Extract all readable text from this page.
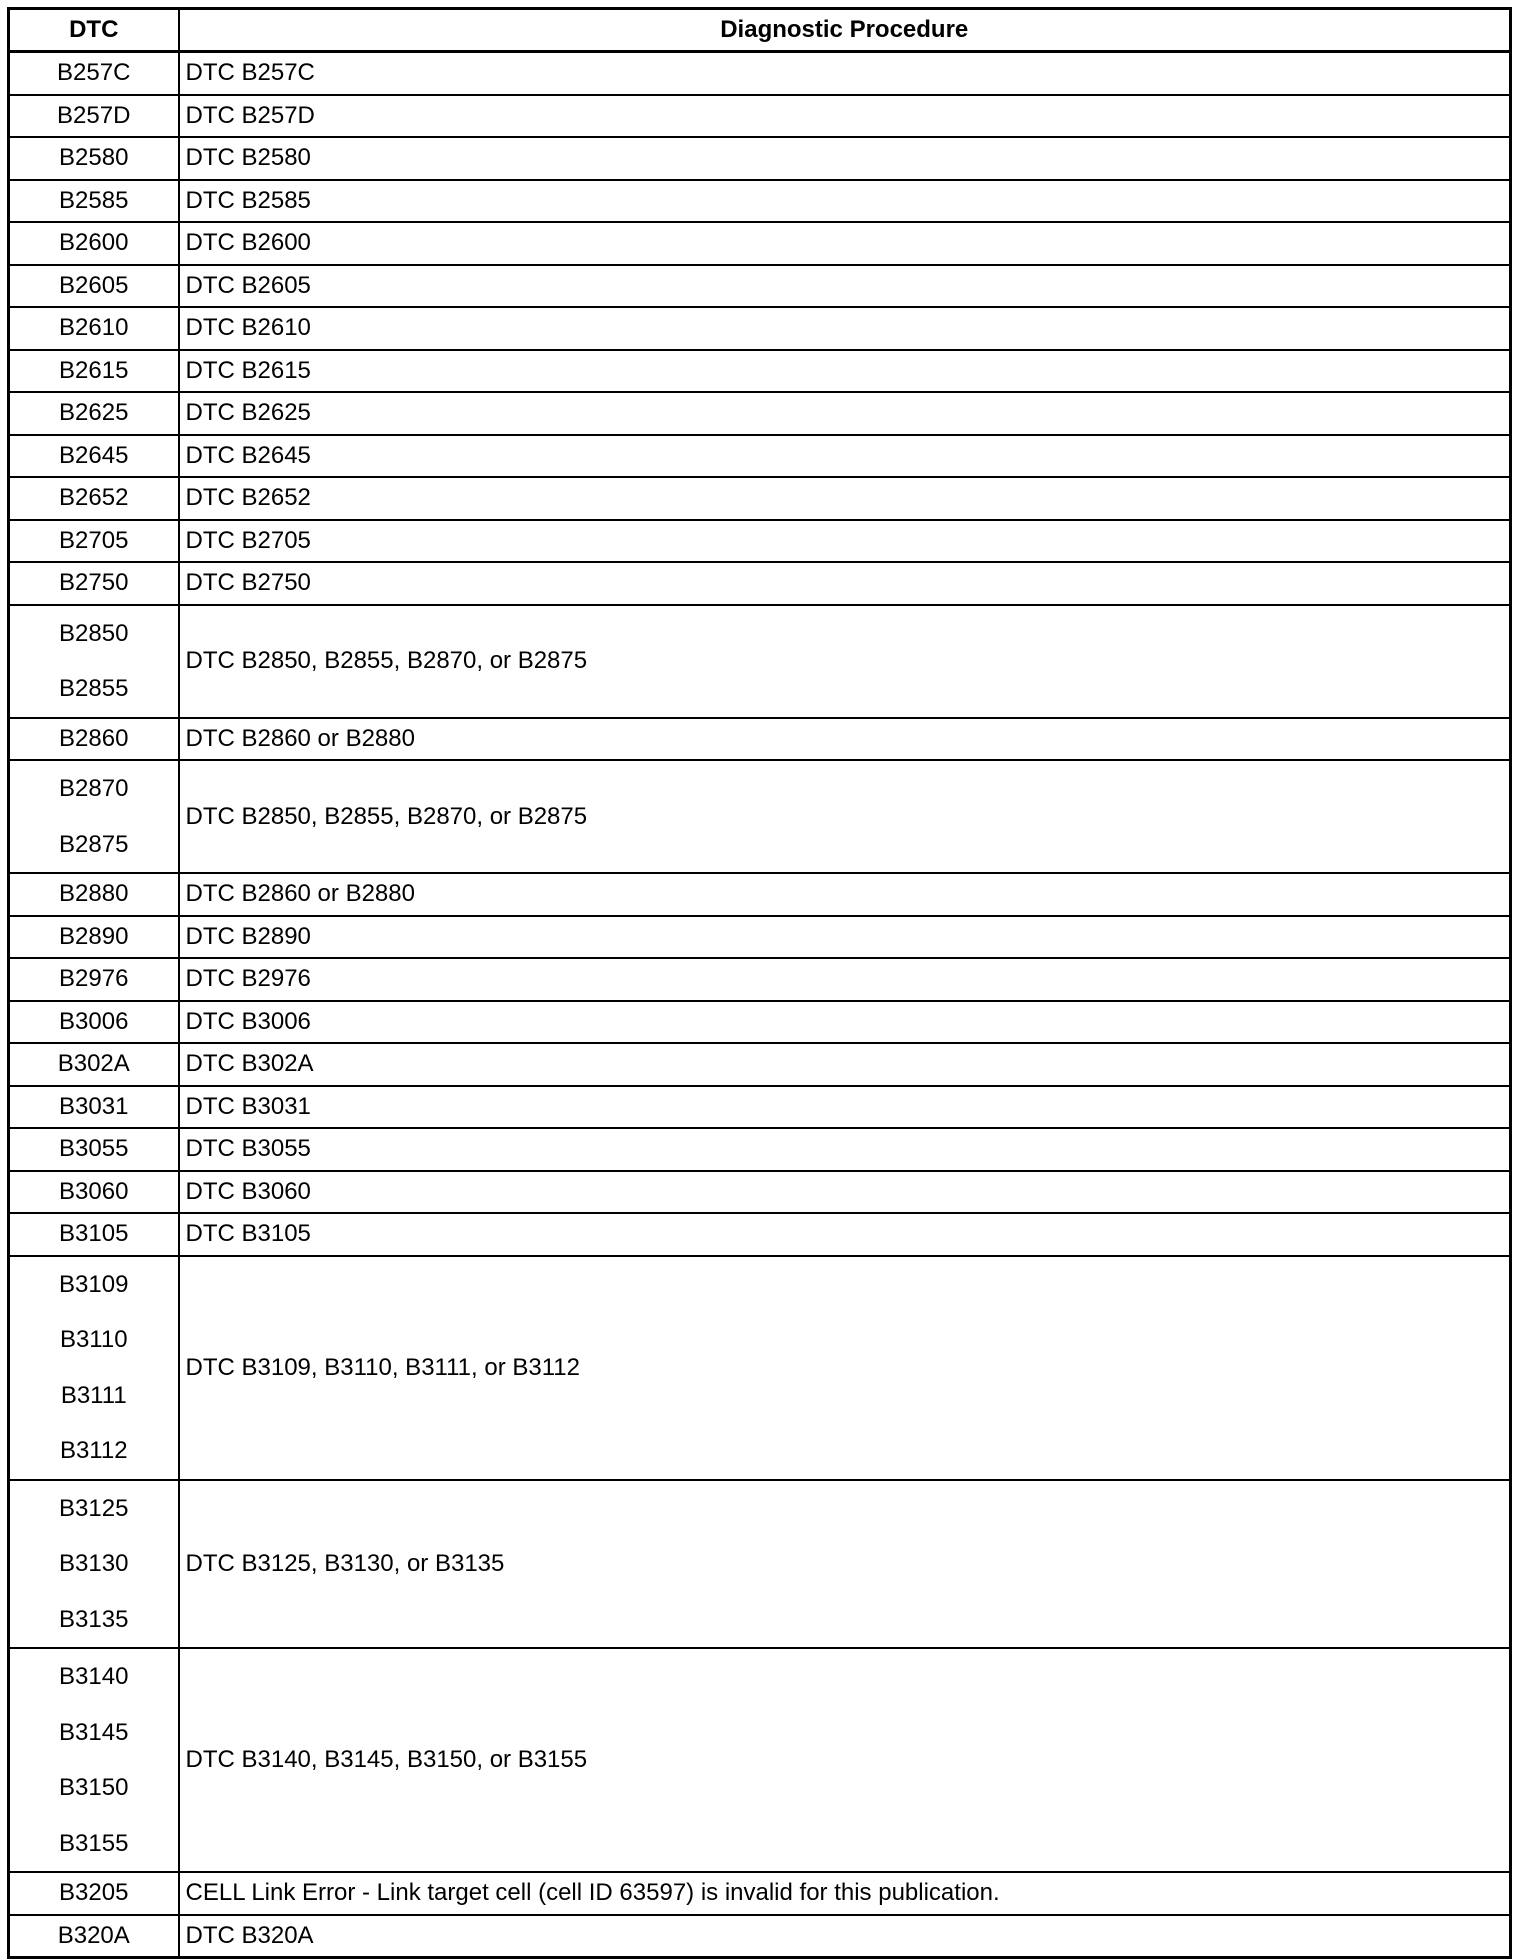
DTC	Diagnostic Procedure

B257C	DTC B257C

B257D	DTC B257D

B2580	DTC B2580

B2585	DTC B2585

B2600	DTC B2600

B2605	DTC B2605

B2610	DTC B2610

B2615	DTC B2615

B2625	DTC B2625

B2645	DTC B2645

B2652	DTC B2652

B2705	DTC B2705

B2750	DTC B2750

B2850
B2855	DTC B2850, B2855, B2870, or B2875

B2860	DTC B2860 or B2880

B2870
B2875	DTC B2850, B2855, B2870, or B2875

B2880	DTC B2860 or B2880

B2890	DTC B2890

B2976	DTC B2976

B3006	DTC B3006

B302A	DTC B302A

B3031	DTC B3031

B3055	DTC B3055

B3060	DTC B3060

B3105	DTC B3105

B3109
B3110
B3111
B3112	DTC B3109, B3110, B3111, or B3112

B3125
B3130
B3135	DTC B3125, B3130, or B3135

B3140
B3145
B3150
B3155	DTC B3140, B3145, B3150, or B3155

B3205	CELL Link Error - Link target cell (cell ID 63597) is invalid for this publication.

B320A	DTC B320A
